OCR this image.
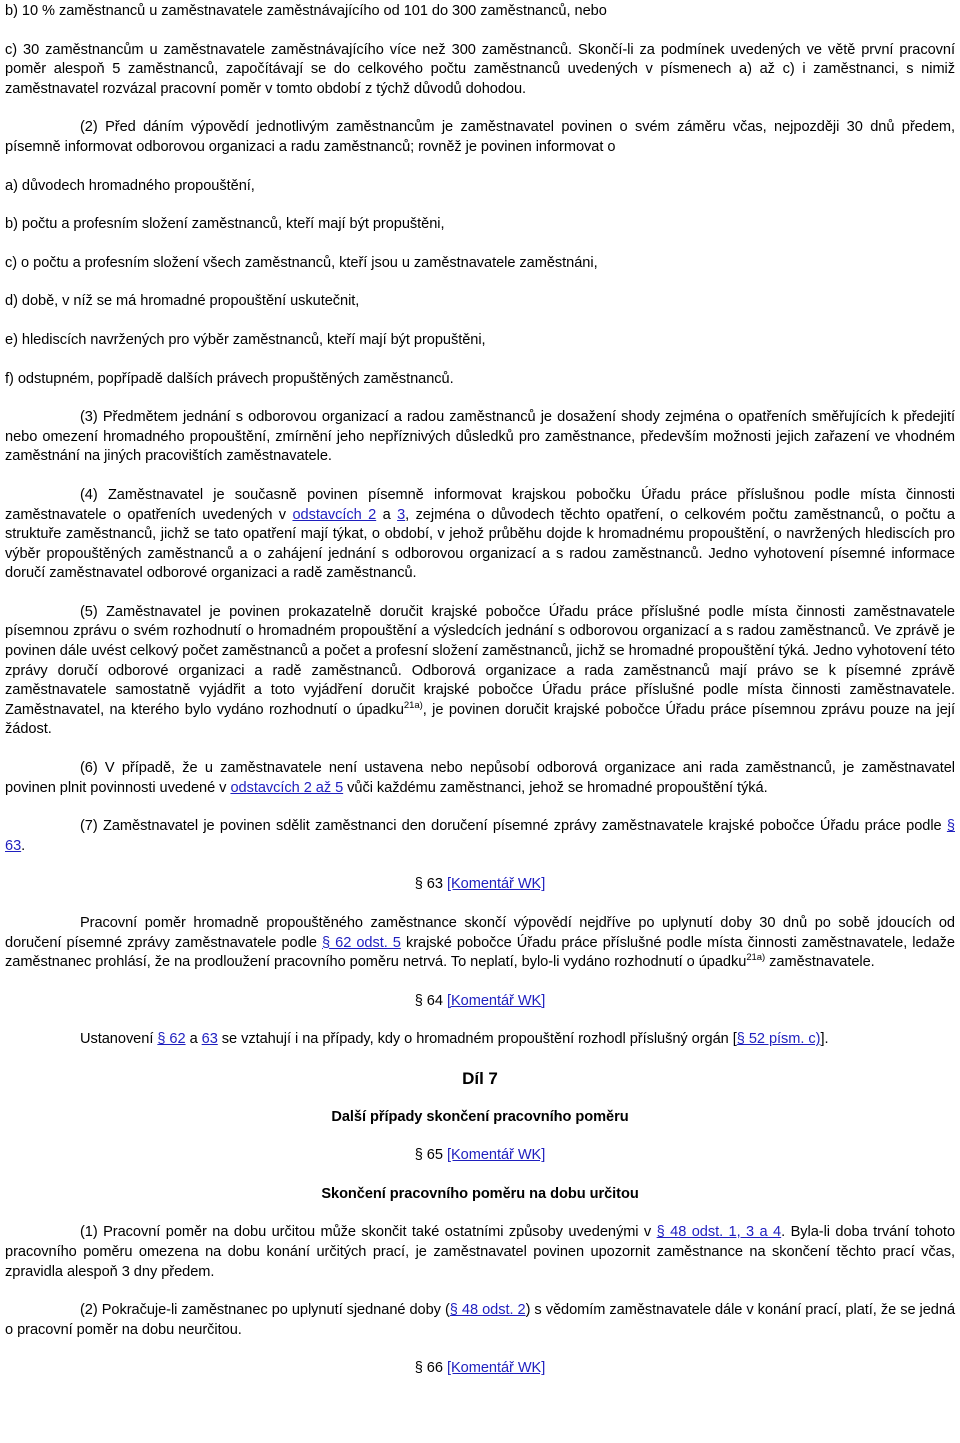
b) 10 % zaměstnanců u zaměstnavatele zaměstnávajícího od 101 do 300 zaměstnanců, nebo

c) 30 zaměstnancům u zaměstnavatele zaměstnávajícího více než 300 zaměstnanců. Skončí-li za podmínek uvedených ve větě první pracovní poměr alespoň 5 zaměstnanců, započítávají se do celkového počtu zaměstnanců uvedených v písmenech a) až c) i zaměstnanci, s nimiž zaměstnavatel rozvázal pracovní poměr v tomto období z týchž důvodů dohodou.

(2) Před dáním výpovědí jednotlivým zaměstnancům je zaměstnavatel povinen o svém záměru včas, nejpozději 30 dnů předem, písemně informovat odborovou organizaci a radu zaměstnanců; rovněž je povinen informovat o

a) důvodech hromadného propouštění,

b) počtu a profesním složení zaměstnanců, kteří mají být propuštěni,

c) o počtu a profesním složení všech zaměstnanců, kteří jsou u zaměstnavatele zaměstnáni,

d) době, v níž se má hromadné propouštění uskutečnit,

e) hlediscích navržených pro výběr zaměstnanců, kteří mají být propuštěni,

f) odstupném, popřípadě dalších právech propuštěných zaměstnanců.

(3) Předmětem jednání s odborovou organizací a radou zaměstnanců je dosažení shody zejména o opatřeních směřujících k předejití nebo omezení hromadného propouštění, zmírnění jeho nepříznivých důsledků pro zaměstnance, především možnosti jejich zařazení ve vhodném zaměstnání na jiných pracovištích zaměstnavatele.

(4) Zaměstnavatel je současně povinen písemně informovat krajskou pobočku Úřadu práce příslušnou podle místa činnosti zaměstnavatele o opatřeních uvedených v odstavcích 2 a 3, zejména o důvodech těchto opatření, o celkovém počtu zaměstnanců, o počtu a struktuře zaměstnanců, jichž se tato opatření mají týkat, o období, v jehož průběhu dojde k hromadnému propouštění, o navržených hlediscích pro výběr propouštěných zaměstnanců a o zahájení jednání s odborovou organizací a s radou zaměstnanců. Jedno vyhotovení písemné informace doručí zaměstnavatel odborové organizaci a radě zaměstnanců.

(5) Zaměstnavatel je povinen prokazatelně doručit krajské pobočce Úřadu práce příslušné podle místa činnosti zaměstnavatele písemnou zprávu o svém rozhodnutí o hromadném propouštění a výsledcích jednání s odborovou organizací a s radou zaměstnanců. Ve zprávě je povinen dále uvést celkový počet zaměstnanců a počet a profesní složení zaměstnanců, jichž se hromadné propouštění týká. Jedno vyhotovení této zprávy doručí odborové organizaci a radě zaměstnanců. Odborová organizace a rada zaměstnanců mají právo se k písemné zprávě zaměstnavatele samostatně vyjádřit a toto vyjádření doručit krajské pobočce Úřadu práce příslušné podle místa činnosti zaměstnavatele. Zaměstnavatel, na kterého bylo vydáno rozhodnutí o úpadku$^{21a)}$, je povinen doručit krajské pobočce Úřadu práce písemnou zprávu pouze na její žádost.

(6) V případě, že u zaměstnavatele není ustavena nebo nepůsobí odborová organizace ani rada zaměstnanců, je zaměstnavatel povinen plnit povinnosti uvedené v odstavcích 2 až 5 vůči každému zaměstnanci, jehož se hromadné propouštění týká.

(7) Zaměstnavatel je povinen sdělit zaměstnanci den doručení písemné zprávy zaměstnavatele krajské pobočce Úřadu práce podle § 63.

§ 63 [Komentář WK]

Pracovní poměr hromadně propouštěného zaměstnance skončí výpovědí nejdříve po uplynutí doby 30 dnů po sobě jdoucích od doručení písemné zprávy zaměstnavatele podle § 62 odst. 5 krajské pobočce Úřadu práce příslušné podle místa činnosti zaměstnavatele, ledaže zaměstnanec prohlásí, že na prodloužení pracovního poměru netrvá. To neplatí, bylo-li vydáno rozhodnutí o úpadku$^{21a)}$ zaměstnavatele.

§ 64 [Komentář WK]

Ustanovení § 62 a 63 se vztahují i na případy, kdy o hromadném propouštění rozhodl příslušný orgán [§ 52 písm. c)].

Díl 7

Další případy skončení pracovního poměru

§ 65 [Komentář WK]

Skončení pracovního poměru na dobu určitou

(1) Pracovní poměr na dobu určitou může skončit také ostatními způsoby uvedenými v § 48 odst. 1, 3 a 4. Byla-li doba trvání tohoto pracovního poměru omezena na dobu konání určitých prací, je zaměstnavatel povinen upozornit zaměstnance na skončení těchto prací včas, zpravidla alespoň 3 dny předem.

(2) Pokračuje-li zaměstnanec po uplynutí sjednané doby (§ 48 odst. 2) s vědomím zaměstnavatele dále v konání prací, platí, že se jedná o pracovní poměr na dobu neurčitou.

§ 66 [Komentář WK]
